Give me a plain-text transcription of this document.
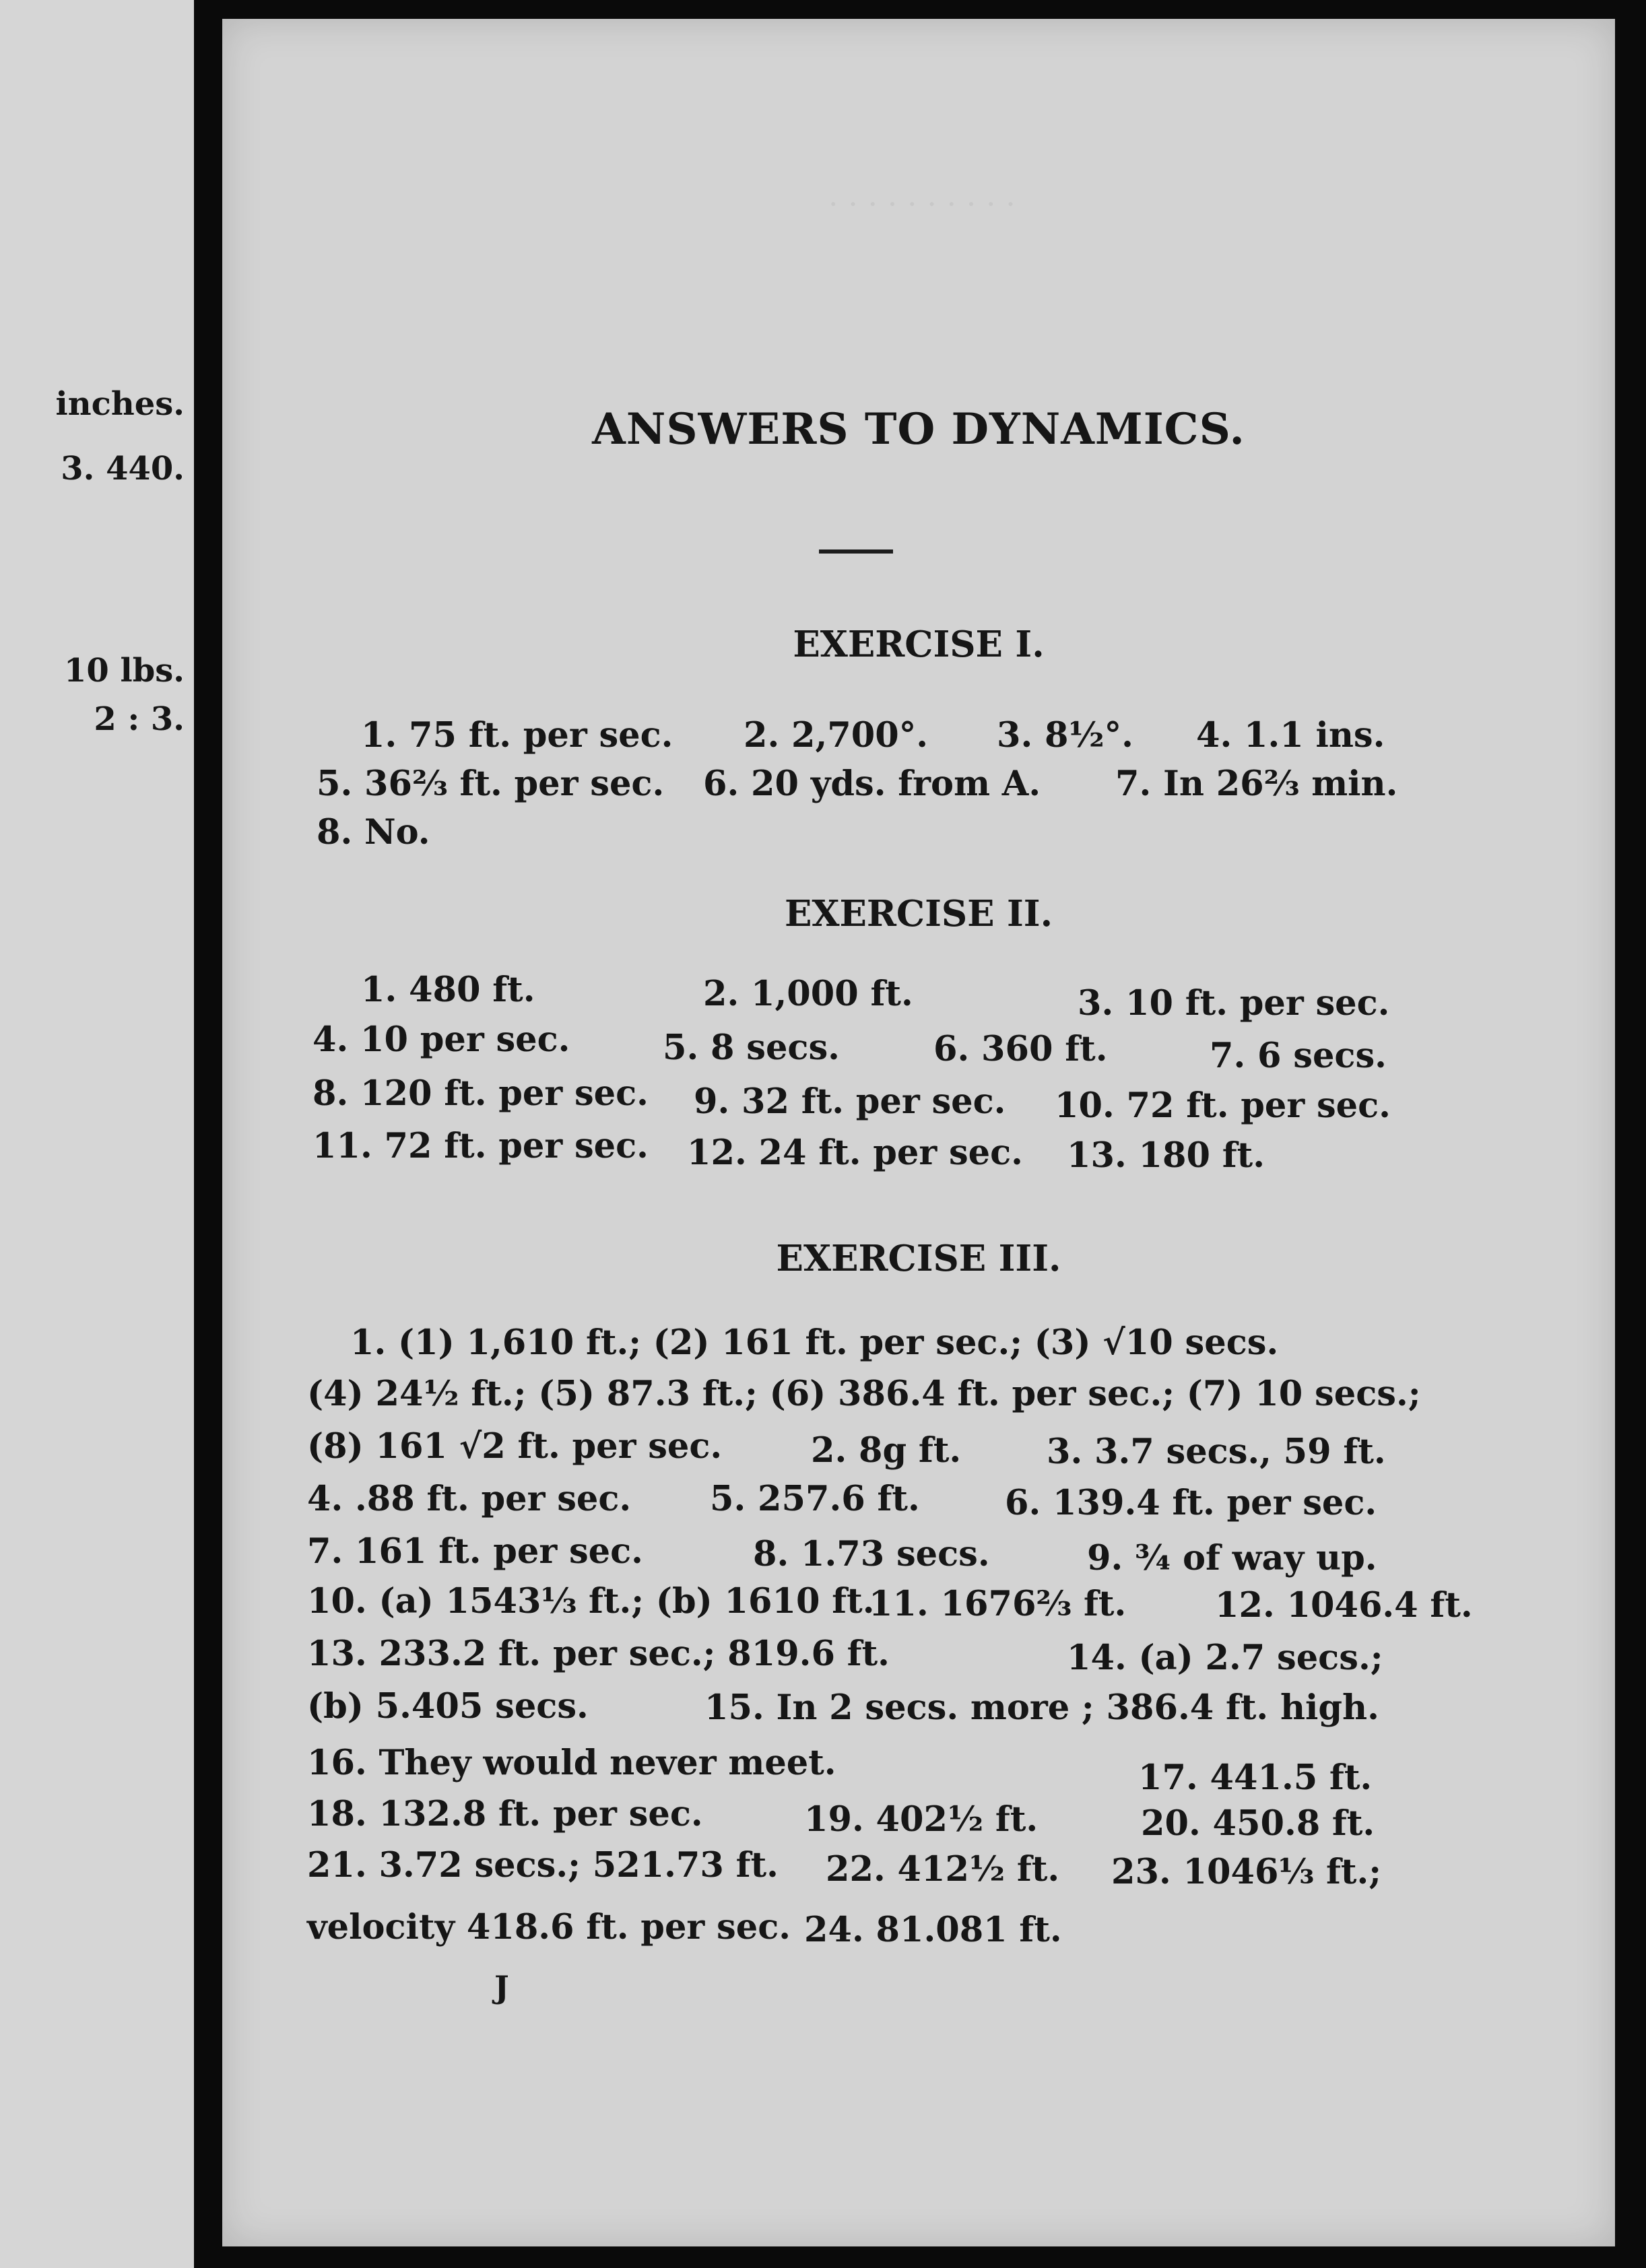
inches.
3. 440.
10 lbs.
2 : 3.
· · · · · · · · · ·
ANSWERS TO DYNAMICS.
EXERCISE I.
1. 75 ft. per sec. 2. 2,700°. 3. 8½°. 4. 1.1 ins.
5. 36⅔ ft. per sec. 6. 20 yds. from A. 7. In 26⅔ min.
8. No.
EXERCISE II.
1. 480 ft.	2. 1,000 ft.	3. 10 ft. per sec.
4. 10 per sec.	5. 8 secs.	6. 360 ft.	7. 6 secs.
8. 120 ft. per sec. 9. 32 ft. per sec. 10. 72 ft. per sec.
11. 72 ft. per sec. 12. 24 ft. per sec. 13. 180 ft.
EXERCISE III.
1. (1) 1,610 ft.; (2) 161 ft. per sec.; (3) √10 secs.
(4) 24½ ft.; (5) 87.3 ft.; (6) 386.4 ft. per sec.; (7) 10 secs.;
(8) 161 √2 ft. per sec.	2. 8g ft. 3. 3.7 secs., 59 ft.
4. .88 ft. per sec. 5. 257.6 ft. 6. 139.4 ft. per sec.
7. 161 ft. per sec.	8. 1.73 secs.	9. ¾ of way up.
10. (a) 1543⅓ ft.; (b) 1610 ft.
11. 1676⅔ ft.	12. 1046.4 ft.
13. 233.2 ft. per sec.; 819.6 ft.	14. (a) 2.7 secs.;
(b) 5.405 secs.	15. In 2 secs. more ; 386.4 ft. high.
16. They would never meet.	17. 441.5 ft.
18. 132.8 ft. per sec.	19. 402½ ft.	20. 450.8 ft.
21. 3.72 secs.; 521.73 ft. 22. 412½ ft. 23. 1046⅓ ft.;
velocity 418.6 ft. per sec. 24. 81.081 ft.
J
